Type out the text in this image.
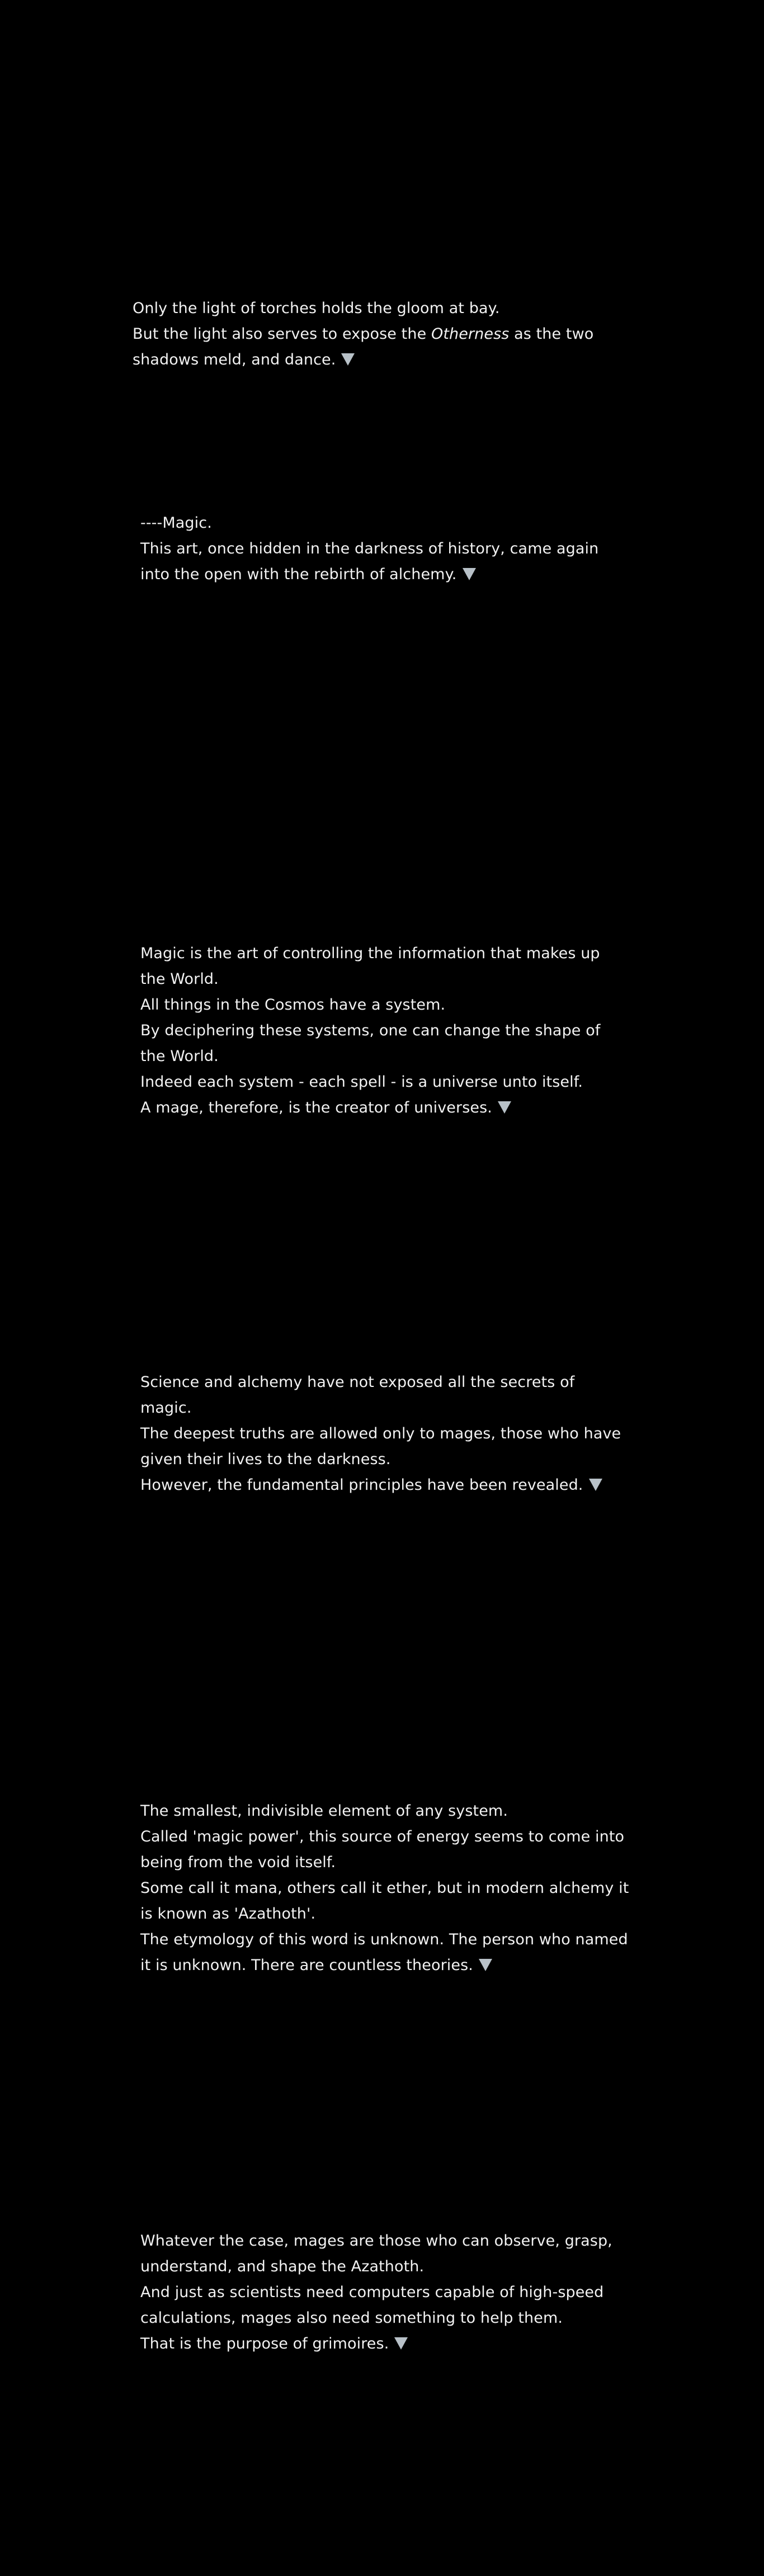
Only the light of torches holds the gloom at bay.
But the light also serves to expose the Otherness as the two
shadows meld, and dance.
----Magic.
This art, once hidden in the darkness of history, came again
into the open with the rebirth of alchemy.
Magic is the art of controlling the information that makes up
the World.
All things in the Cosmos have a system.
By deciphering these systems, one can change the shape of
the World.
Indeed each system - each spell - is a universe unto itself.
A mage, therefore, is the creator of universes.
Science and alchemy have not exposed all the secrets of
magic.
The deepest truths are allowed only to mages, those who have
given their lives to the darkness.
However, the fundamental principles have been revealed.
The smallest, indivisible element of any system.
Called 'magic power', this source of energy seems to come into
being from the void itself.
Some call it mana, others call it ether, but in modern alchemy it
is known as 'Azathoth'.
The etymology of this word is unknown. The person who named
it is unknown. There are countless theories.
Whatever the case, mages are those who can observe, grasp,
understand, and shape the Azathoth.
And just as scientists need computers capable of high-speed
calculations, mages also need something to help them.
That is the purpose of grimoires.
